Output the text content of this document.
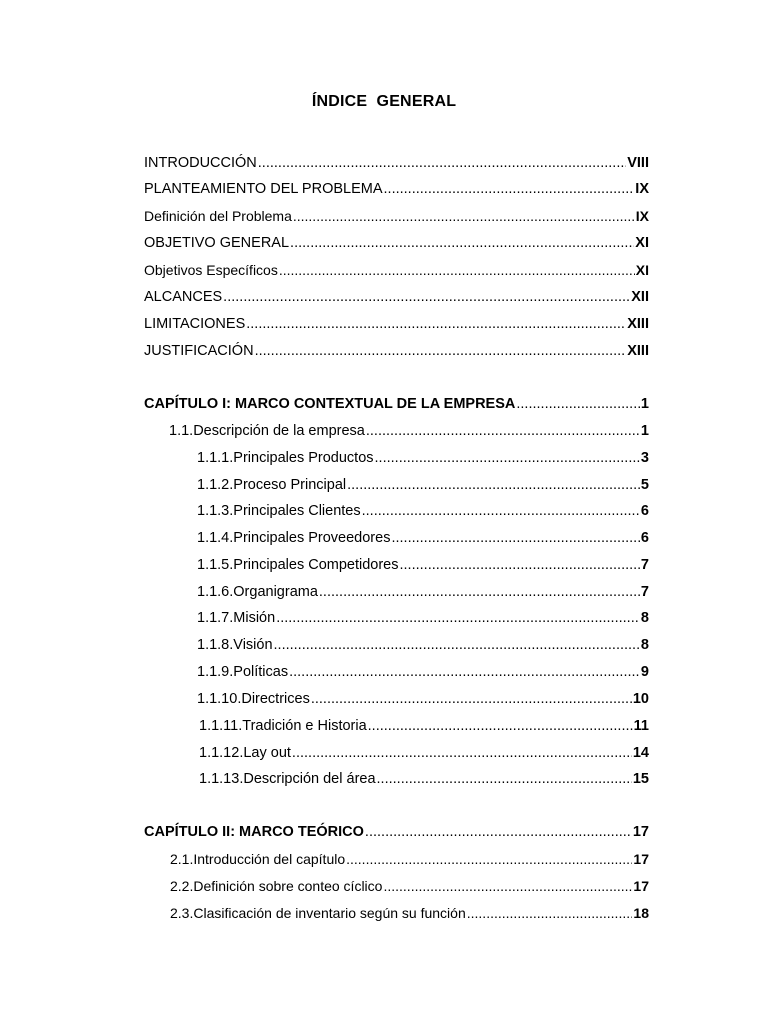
ÍNDICE  GENERAL
INTRODUCCIÓN .....	VIII
PLANTEAMIENTO DEL PROBLEMA .....	IX
Definición del Problema .....	IX
OBJETIVO GENERAL .....	XI
Objetivos Específicos .....	XI
ALCANCES .....	XII
LIMITACIONES .....	XIII
JUSTIFICACIÓN .....	XIII
CAPÍTULO I: MARCO CONTEXTUAL DE LA EMPRESA .....	1
1.1. Descripción de la empresa .....	1
1.1.1. Principales Productos .....	3
1.1.2. Proceso Principal .....	5
1.1.3. Principales Clientes .....	6
1.1.4. Principales Proveedores .....	6
1.1.5. Principales Competidores .....	7
1.1.6. Organigrama .....	7
1.1.7. Misión .....	8
1.1.8. Visión .....	8
1.1.9. Políticas .....	9
1.1.10. Directrices .....	10
1.1.11. Tradición e Historia .....	11
1.1.12. Lay out .....	14
1.1.13. Descripción del área .....	15
CAPÍTULO II: MARCO TEÓRICO .....	17
2.1. Introducción del capítulo .....	17
2.2. Definición sobre conteo cíclico .....	17
2.3. Clasificación de inventario según su función .....	18
